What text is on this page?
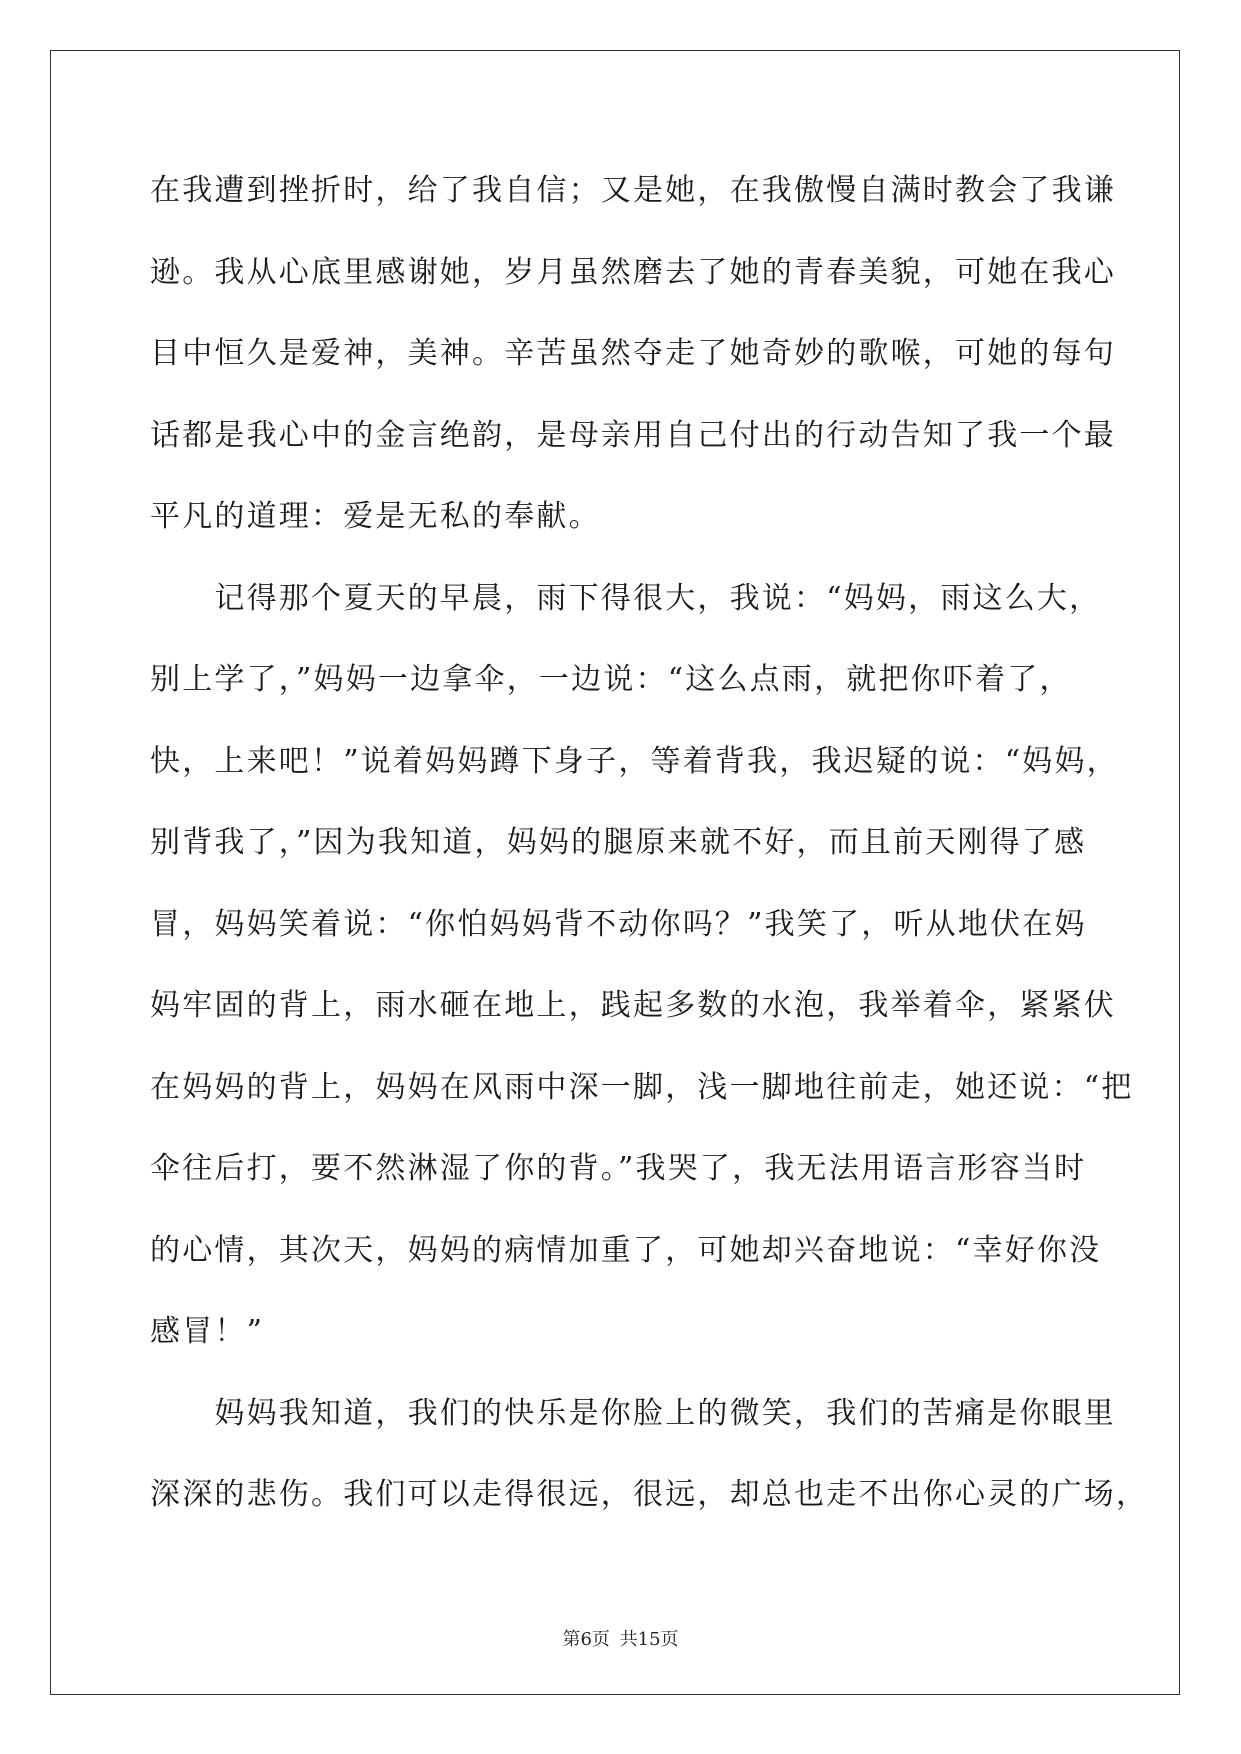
在我遭到挫折时，给了我自信；又是她，在我傲慢自满时教会了我谦
逊。我从心底里感谢她，岁月虽然磨去了她的青春美貌，可她在我心
目中恒久是爱神，美神。辛苦虽然夺走了她奇妙的歌喉，可她的每句
话都是我心中的金言绝韵，是母亲用自己付出的行动告知了我一个最
平凡的道理：爱是无私的奉献。
　　记得那个夏天的早晨，雨下得很大，我说：“妈妈，雨这么大，
别上学了，”妈妈一边拿伞，一边说：“这么点雨，就把你吓着了，
快，上来吧！”说着妈妈蹲下身子，等着背我，我迟疑的说：“妈妈，
别背我了，”因为我知道，妈妈的腿原来就不好，而且前天刚得了感
冒，妈妈笑着说：“你怕妈妈背不动你吗？”我笑了，听从地伏在妈
妈牢固的背上，雨水砸在地上，践起多数的水泡，我举着伞，紧紧伏
在妈妈的背上，妈妈在风雨中深一脚，浅一脚地往前走，她还说：“把
伞往后打，要不然淋湿了你的背。”我哭了，我无法用语言形容当时
的心情，其次天，妈妈的病情加重了，可她却兴奋地说：“幸好你没
感冒！”
　　妈妈我知道，我们的快乐是你脸上的微笑，我们的苦痛是你眼里
深深的悲伤。我们可以走得很远，很远，却总也走不出你心灵的广场，
第6页 共15页
